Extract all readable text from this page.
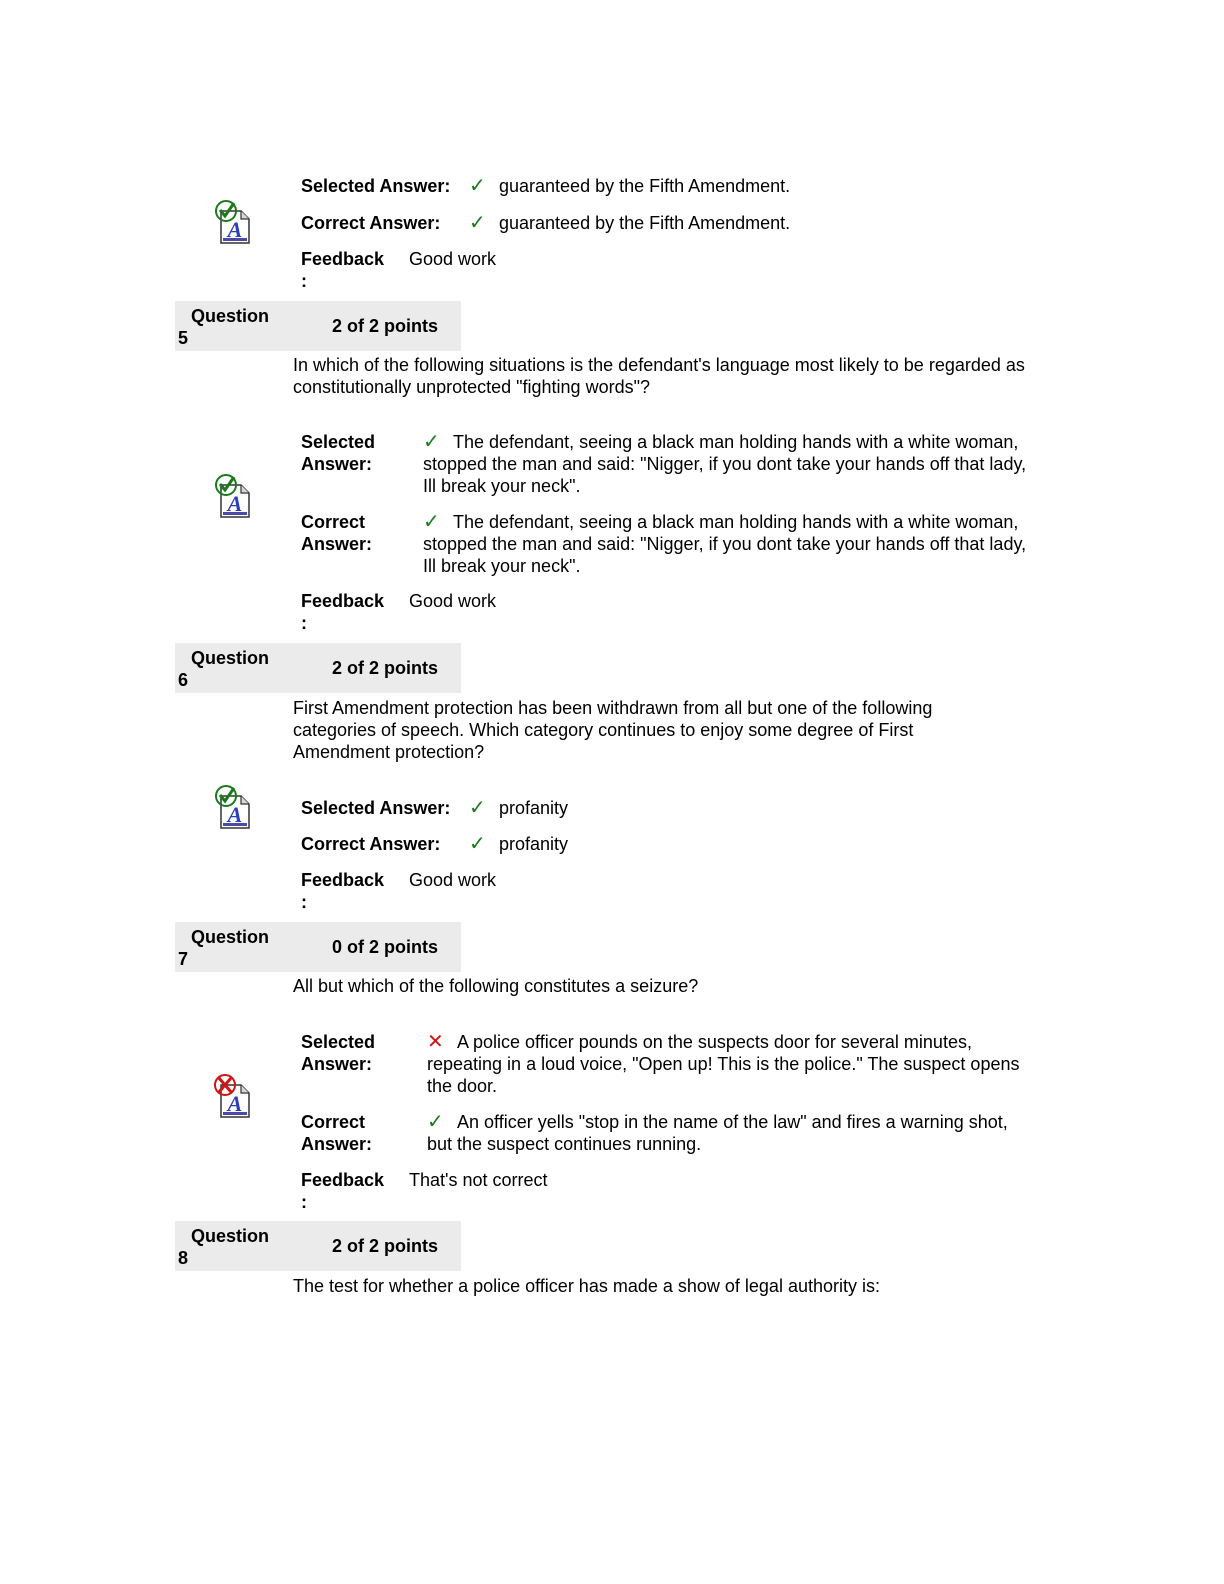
Selected Answer: ✓ guaranteed by the Fifth Amendment.
Correct Answer: ✓ guaranteed by the Fifth Amendment.
Feedback
:
Good work
Question
5
2 of 2 points
In which of the following situations is the defendant's language most likely to be regarded as constitutionally unprotected "fighting words"?
Selected
Answer:
✓ The defendant, seeing a black man holding hands with a white woman, stopped the man and said: "Nigger, if you dont take your hands off that lady, Ill break your neck".
Correct
Answer:
✓ The defendant, seeing a black man holding hands with a white woman, stopped the man and said: "Nigger, if you dont take your hands off that lady, Ill break your neck".
Feedback
:
Good work
Question
6
2 of 2 points
First Amendment protection has been withdrawn from all but one of the following categories of speech. Which category continues to enjoy some degree of First Amendment protection?
Selected Answer: ✓ profanity
Correct Answer: ✓ profanity
Feedback
:
Good work
Question
7
0 of 2 points
All but which of the following constitutes a seizure?
Selected
Answer:
✕ A police officer pounds on the suspects door for several minutes, repeating in a loud voice, "Open up! This is the police." The suspect opens the door.
Correct
Answer:
✓ An officer yells "stop in the name of the law" and fires a warning shot, but the suspect continues running.
Feedback
:
That's not correct
Question
8
2 of 2 points
The test for whether a police officer has made a show of legal authority is:
